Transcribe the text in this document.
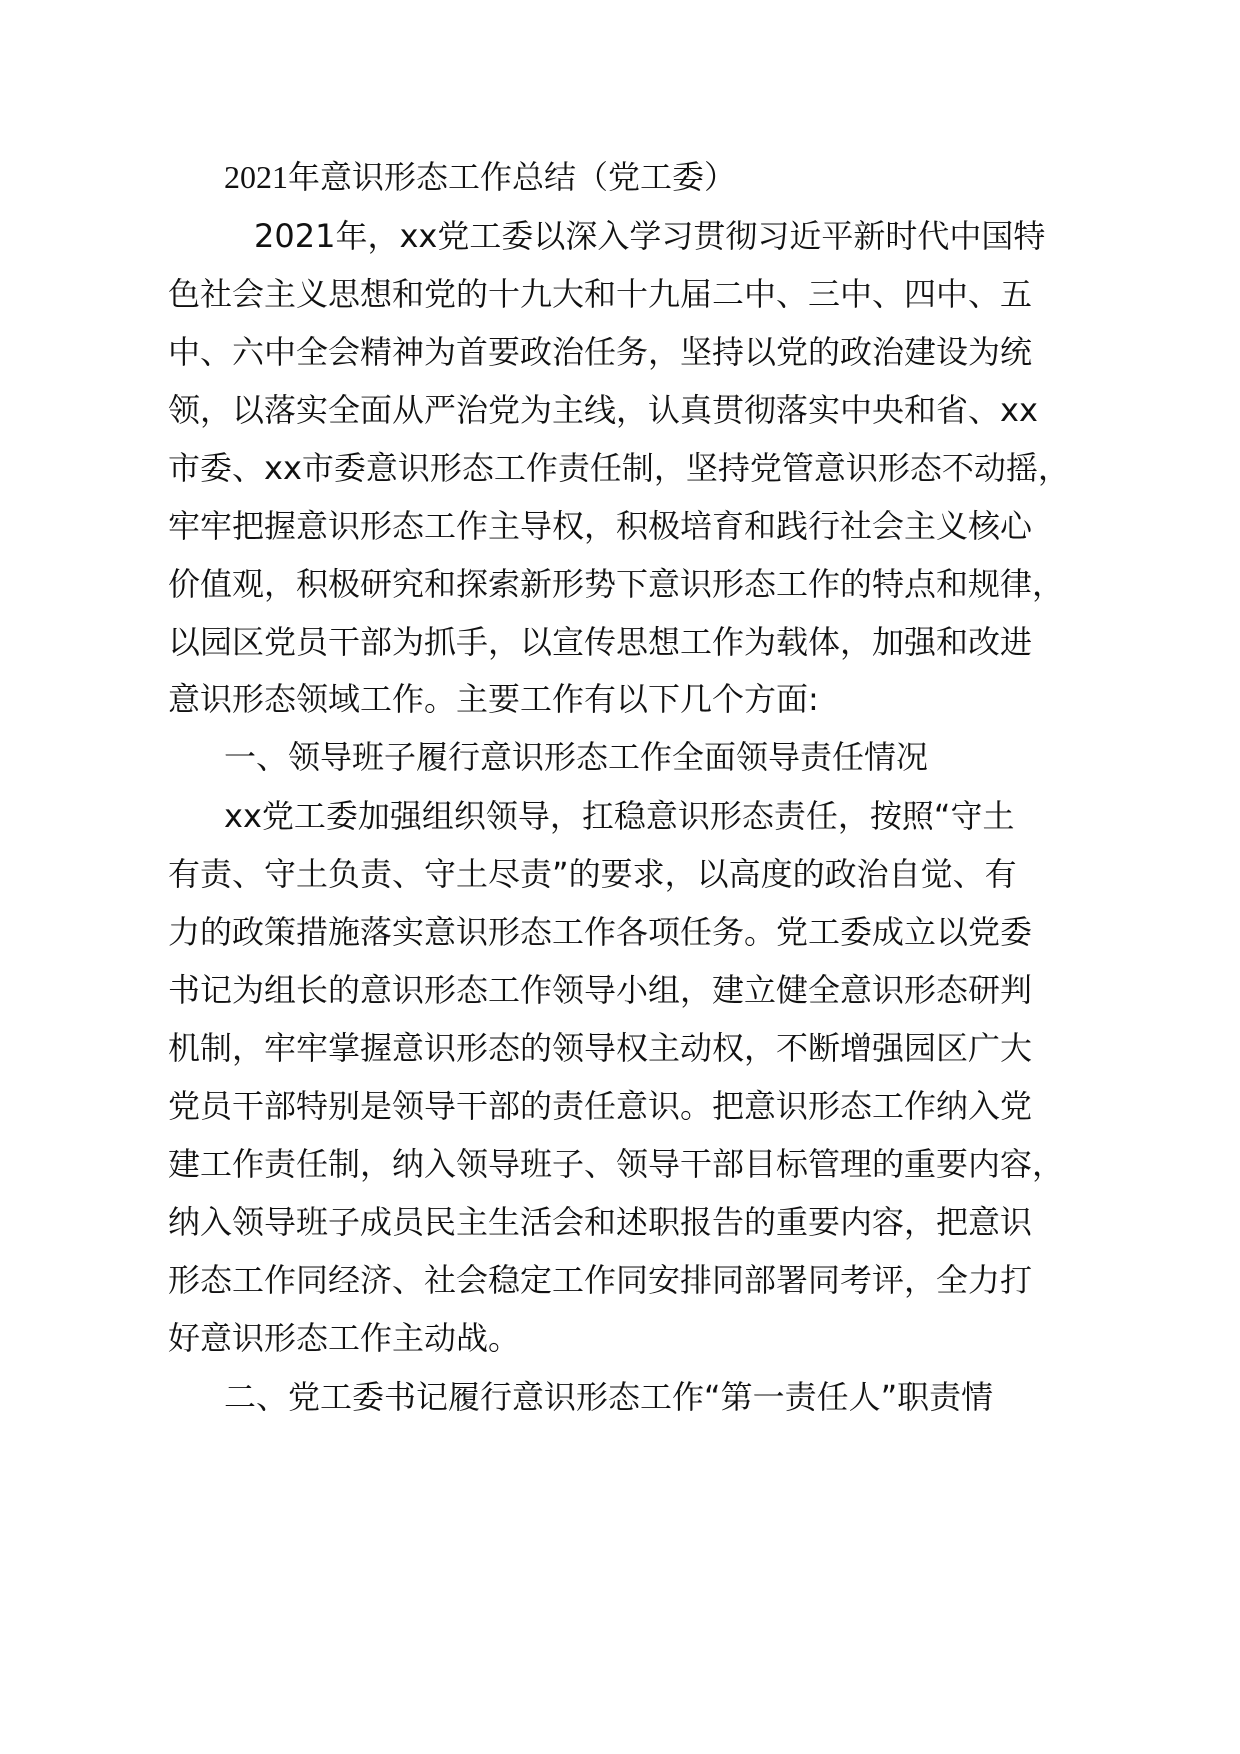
2021年意识形态工作总结（党工委）
2021年，xx党工委以深入学习贯彻习近平新时代中国特
色社会主义思想和党的十九大和十九届二中、三中、四中、五
中、六中全会精神为首要政治任务，坚持以党的政治建设为统
领，以落实全面从严治党为主线，认真贯彻落实中央和省、xx
市委、xx市委意识形态工作责任制，坚持党管意识形态不动摇，
牢牢把握意识形态工作主导权，积极培育和践行社会主义核心
价值观，积极研究和探索新形势下意识形态工作的特点和规律，
以园区党员干部为抓手，以宣传思想工作为载体，加强和改进
意识形态领域工作。主要工作有以下几个方面:
一、领导班子履行意识形态工作全面领导责任情况
xx党工委加强组织领导，扛稳意识形态责任，按照“守土
有责、守土负责、守土尽责”的要求，以高度的政治自觉、有
力的政策措施落实意识形态工作各项任务。党工委成立以党委
书记为组长的意识形态工作领导小组，建立健全意识形态研判
机制，牢牢掌握意识形态的领导权主动权，不断增强园区广大
党员干部特别是领导干部的责任意识。把意识形态工作纳入党
建工作责任制，纳入领导班子、领导干部目标管理的重要内容，
纳入领导班子成员民主生活会和述职报告的重要内容，把意识
形态工作同经济、社会稳定工作同安排同部署同考评，全力打
好意识形态工作主动战。
二、党工委书记履行意识形态工作“第一责任人”职责情
